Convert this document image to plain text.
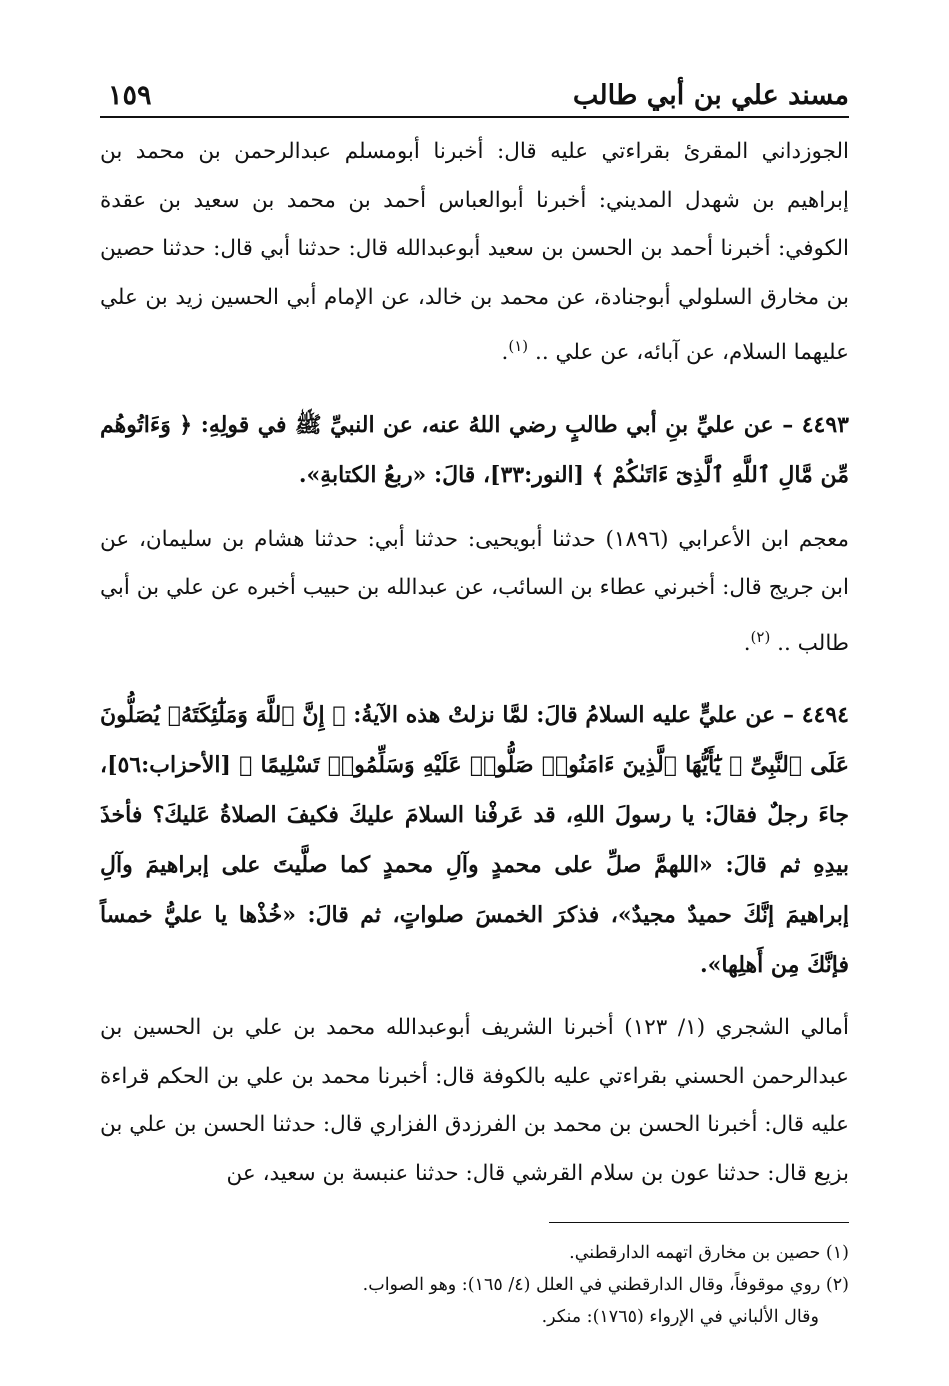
مسند علي بن أبي طالب
١٥٩

الجوزداني المقرئ بقراءتي عليه قال: أخبرنا أبومسلم عبدالرحمن بن محمد بن إبراهيم بن شهدل المديني: أخبرنا أبوالعباس أحمد بن محمد بن سعيد بن عقدة الكوفي: أخبرنا أحمد بن الحسن بن سعيد أبوعبدالله قال: حدثنا أبي قال: حدثنا حصين بن مخارق السلولي أبوجنادة، عن محمد بن خالد، عن الإمام أبي الحسين زيد بن علي عليهما السلام، عن آبائه، عن علي .. $^{(١)}$.

٤٤٩٣ – عن عليِّ بنِ أبي طالبٍ رضي اللهُ عنه، عن النبيِّ ﷺ في قولِهِ: ﴿ وَءَاتُوهُم مِّن مَّالِ ٱللَّهِ ٱلَّذِىٓ ءَاتَىٰكُمْ ﴾ [النور:٣٣]، قالَ: «ربعُ الكتابةِ».

معجم ابن الأعرابي (١٨٩٦) حدثنا أبويحيى: حدثنا أبي: حدثنا هشام بن سليمان، عن ابن جريج قال: أخبرني عطاء بن السائب، عن عبدالله بن حبيب أخبره عن علي بن أبي طالب .. $^{(٢)}$.

٤٤٩٤ – عن عليٍّ عليه السلامُ قالَ: لمَّا نزلتْ هذه الآيةُ: ﴿ إِنَّ ٱللَّهَ وَمَلَٰٓئِكَتَهُۥ يُصَلُّونَ عَلَى ٱلنَّبِىِّ ۚ يَٰٓأَيُّهَا ٱلَّذِينَ ءَامَنُوا۟ صَلُّوا۟ عَلَيْهِ وَسَلِّمُوا۟ تَسْلِيمًا ﴾ [الأحزاب:٥٦]، جاءَ رجلٌ فقالَ: يا رسولَ اللهِ، قد عَرفْنا السلامَ عليكَ فكيفَ الصلاةُ عَليكَ؟ فأخذَ بيدِهِ ثم قالَ: «اللهمَّ صلِّ على محمدٍ وآلِ محمدٍ كما صلَّيتَ على إبراهيمَ وآلِ إبراهيمَ إنَّكَ حميدٌ مجيدٌ»، فذكرَ الخمسَ صلواتٍ، ثم قالَ: «خُذْها يا عليُّ خمساً فإنَّكَ مِن أَهلِها».

أمالي الشجري (١/ ١٢٣) أخبرنا الشريف أبوعبدالله محمد بن علي بن الحسين بن عبدالرحمن الحسني بقراءتي عليه بالكوفة قال: أخبرنا محمد بن علي بن الحكم قراءة عليه قال: أخبرنا الحسن بن محمد بن الفرزدق الفزاري قال: حدثنا الحسن بن علي بن بزيع قال: حدثنا عون بن سلام القرشي قال: حدثنا عنبسة بن سعيد، عن

(١) حصين بن مخارق اتهمه الدارقطني.

(٢) روي موقوفاً، وقال الدارقطني في العلل (٤/ ١٦٥): وهو الصواب.

وقال الألباني في الإرواء (١٧٦٥): منكر.
